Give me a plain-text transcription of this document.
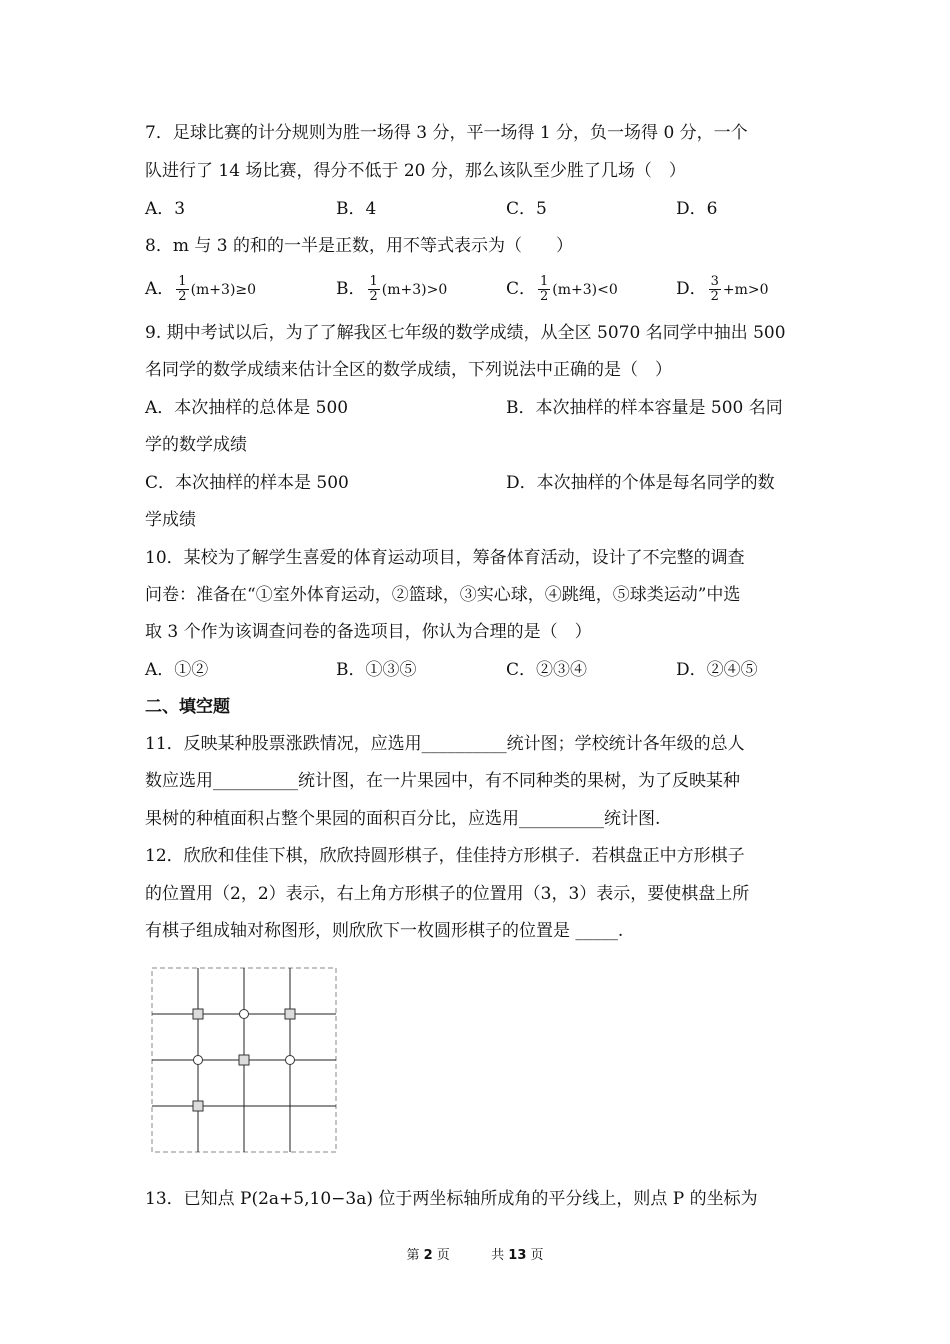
7．足球比赛的计分规则为胜一场得 3 分，平一场得 1 分，负一场得 0 分，一个
队进行了 14 场比赛，得分不低于 20 分，那么该队至少胜了几场（　）
A．3	B．4	C．5	D．6
8．m 与 3 的和的一半是正数，用不等式表示为（　　）
A． $\frac{1}{2} (m+3)\ge 0$	B． $\frac{1}{2} (m+3)>0$	C． $\frac{1}{2} (m+3)<0$	D． $\frac{3}{2} +m>0$
9. 期中考试以后，为了了解我区七年级的数学成绩，从全区 5070 名同学中抽出 500
名同学的数学成绩来估计全区的数学成绩，下列说法中正确的是（　）
A．本次抽样的总体是 500	B．本次抽样的样本容量是 500 名同
学的数学成绩
C．本次抽样的样本是 500	D．本次抽样的个体是每名同学的数
学成绩
10．某校为了解学生喜爱的体育运动项目，筹备体育活动，设计了不完整的调查
问卷：准备在“①室外体育运动，②篮球，③实心球，④跳绳，⑤球类运动”中选
取 3 个作为该调查问卷的备选项目，你认为合理的是（　）
A．①②	B．①③⑤	C．②③④	D．②④⑤
二、填空题
11．反映某种股票涨跌情况，应选用__________统计图；学校统计各年级的总人
数应选用__________统计图，在一片果园中，有不同种类的果树，为了反映某种
果树的种植面积占整个果园的面积百分比，应选用__________统计图.
12．欣欣和佳佳下棋，欣欣持圆形棋子，佳佳持方形棋子．若棋盘正中方形棋子
的位置用（2，2）表示，右上角方形棋子的位置用（3，3）表示，要使棋盘上所
有棋子组成轴对称图形，则欣欣下一枚圆形棋子的位置是 _____.
13．已知点 P(2a+5,10−3a) 位于两坐标轴所成角的平分线上，则点 P 的坐标为
第 2 页	共 13 页
